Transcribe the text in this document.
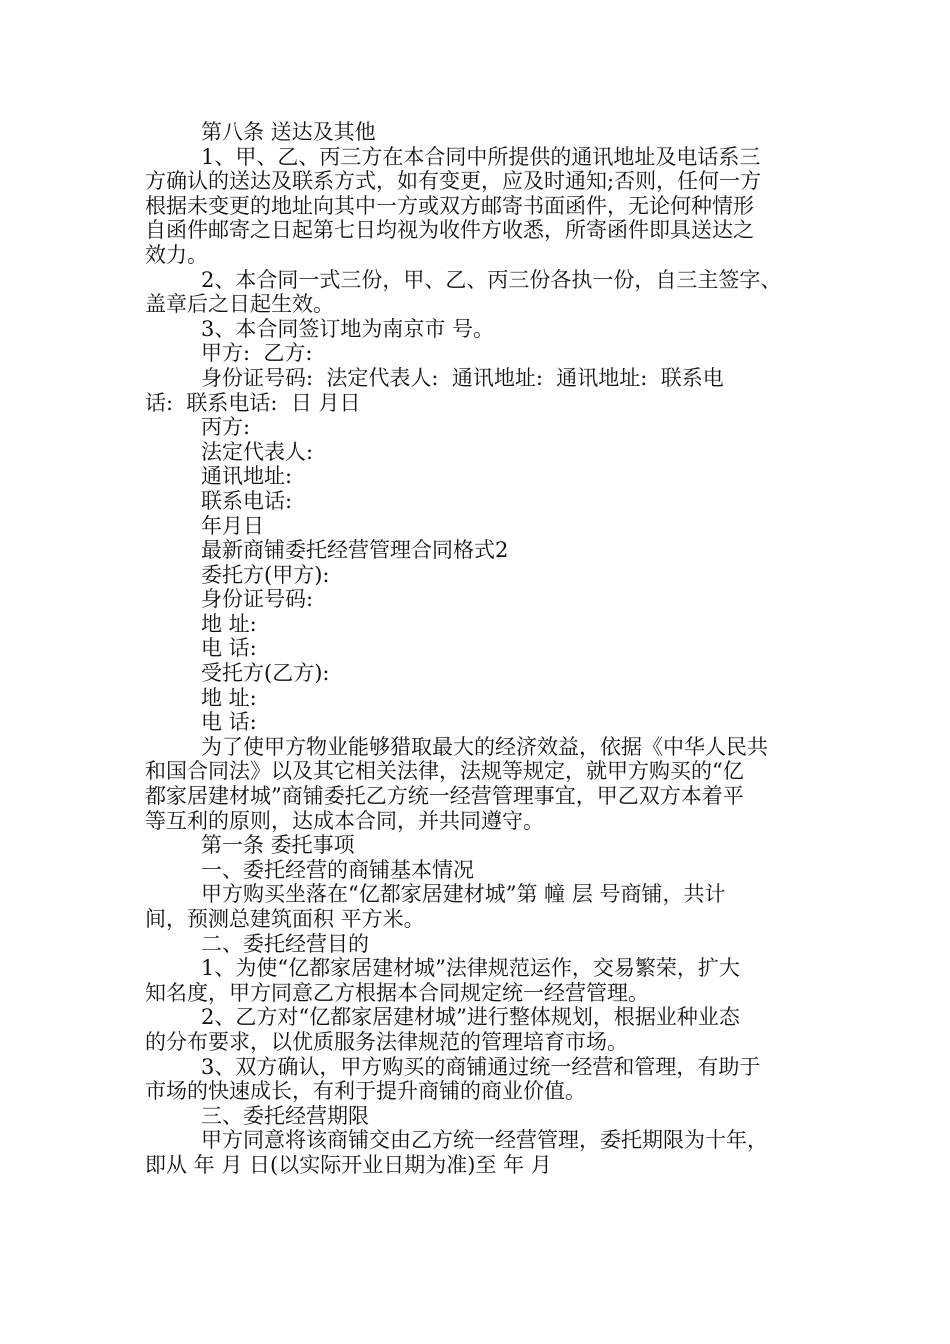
第八条 送达及其他

1、甲、乙、丙三方在本合同中所提供的通讯地址及电话系三

方确认的送达及联系方式，如有变更，应及时通知;否则，任何一方

根据未变更的地址向其中一方或双方邮寄书面函件，无论何种情形

自函件邮寄之日起第七日均视为收件方收悉，所寄函件即具送达之

效力。

2、本合同一式三份，甲、乙、丙三份各执一份，自三主签字、

盖章后之日起生效。

3、本合同签订地为南京市 号。

甲方:  乙方:

身份证号码:  法定代表人:  通讯地址:  通讯地址:  联系电

话:  联系电话:  日 月日

丙方:

法定代表人:

通讯地址:

联系电话:

年月日

最新商铺委托经营管理合同格式2

委托方(甲方):

身份证号码:

地 址:

电 话:

受托方(乙方):

地 址:

电 话:

为了使甲方物业能够猎取最大的经济效益，依据《中华人民共

和国合同法》以及其它相关法律，法规等规定，就甲方购买的“亿

都家居建材城”商铺委托乙方统一经营管理事宜，甲乙双方本着平

等互利的原则，达成本合同，并共同遵守。

第一条 委托事项

一、委托经营的商铺基本情况

甲方购买坐落在“亿都家居建材城”第 幢 层 号商铺，共计

间，预测总建筑面积 平方米。

二、委托经营目的

1、为使“亿都家居建材城”法律规范运作，交易繁荣，扩大

知名度，甲方同意乙方根据本合同规定统一经营管理。

2、乙方对“亿都家居建材城”进行整体规划，根据业种业态

的分布要求，以优质服务法律规范的管理培育市场。

3、双方确认，甲方购买的商铺通过统一经营和管理，有助于

市场的快速成长，有利于提升商铺的商业价值。

三、委托经营期限

甲方同意将该商铺交由乙方统一经营管理，委托期限为十年，

即从 年 月 日(以实际开业日期为准)至 年 月
